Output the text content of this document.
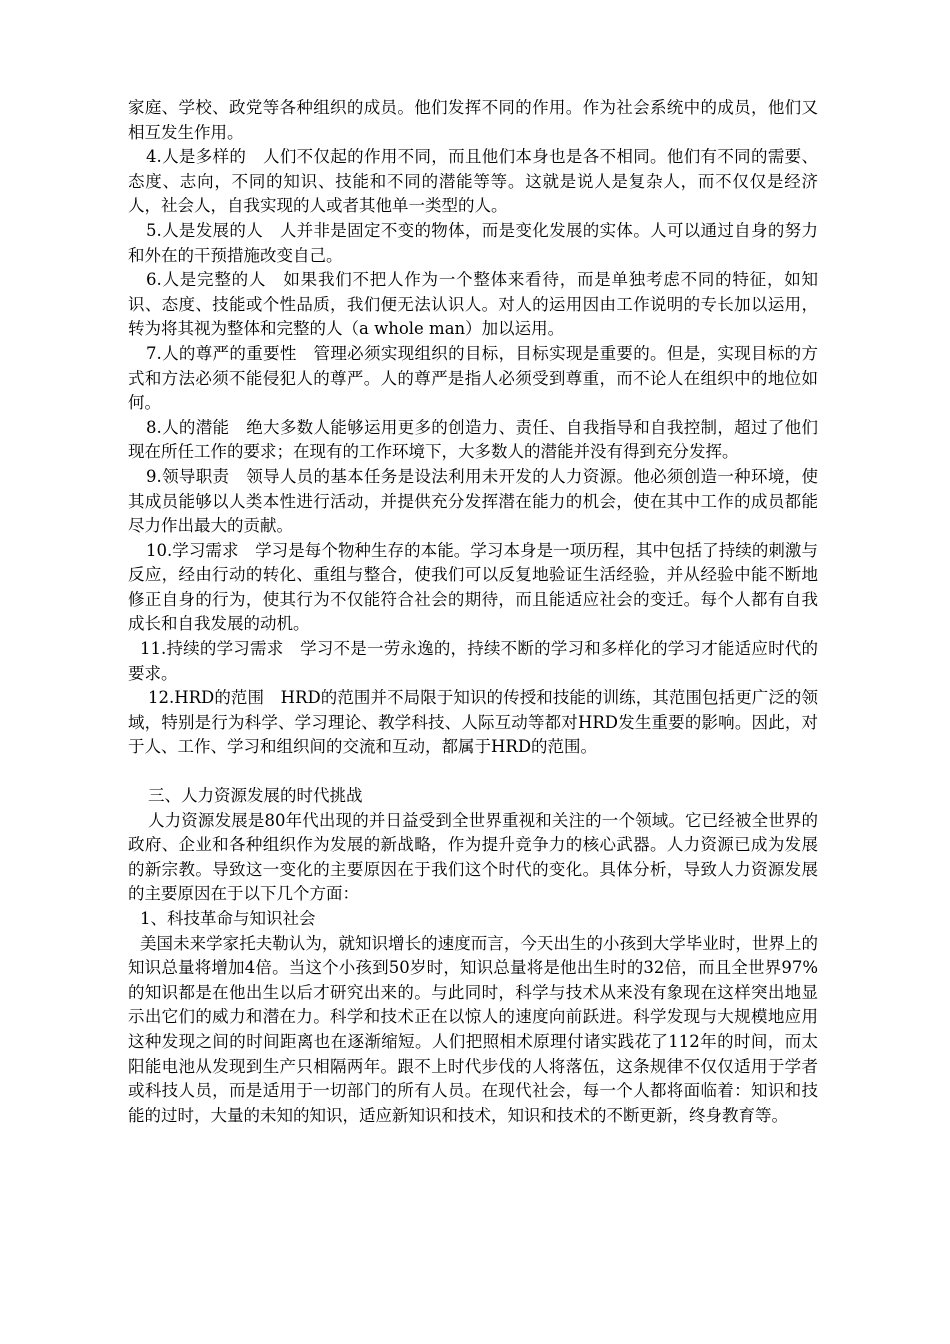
家庭、学校、政党等各种组织的成员。他们发挥不同的作用。作为社会系统中的成员，他们又相互发生作用。

4.人是多样的　人们不仅起的作用不同，而且他们本身也是各不相同。他们有不同的需要、态度、志向，不同的知识、技能和不同的潜能等等。这就是说人是复杂人，而不仅仅是经济人，社会人，自我实现的人或者其他单一类型的人。

5.人是发展的人　人并非是固定不变的物体，而是变化发展的实体。人可以通过自身的努力和外在的干预措施改变自己。

6.人是完整的人　如果我们不把人作为一个整体来看待，而是单独考虑不同的特征，如知识、态度、技能或个性品质，我们便无法认识人。对人的运用因由工作说明的专长加以运用，转为将其视为整体和完整的人（a whole man）加以运用。

7.人的尊严的重要性　管理必须实现组织的目标，目标实现是重要的。但是，实现目标的方式和方法必须不能侵犯人的尊严。人的尊严是指人必须受到尊重，而不论人在组织中的地位如何。

8.人的潜能　绝大多数人能够运用更多的创造力、责任、自我指导和自我控制，超过了他们现在所任工作的要求；在现有的工作环境下，大多数人的潜能并没有得到充分发挥。

9.领导职责　领导人员的基本任务是设法利用未开发的人力资源。他必须创造一种环境，使其成员能够以人类本性进行活动，并提供充分发挥潜在能力的机会，使在其中工作的成员都能尽力作出最大的贡献。

10.学习需求　学习是每个物种生存的本能。学习本身是一项历程，其中包括了持续的刺激与反应，经由行动的转化、重组与整合，使我们可以反复地验证生活经验，并从经验中能不断地修正自身的行为，使其行为不仅能符合社会的期待，而且能适应社会的变迁。每个人都有自我成长和自我发展的动机。

11.持续的学习需求　学习不是一劳永逸的，持续不断的学习和多样化的学习才能适应时代的要求。

12.HRD的范围　HRD的范围并不局限于知识的传授和技能的训练，其范围包括更广泛的领域，特别是行为科学、学习理论、教学科技、人际互动等都对HRD发生重要的影响。因此，对于人、工作、学习和组织间的交流和互动，都属于HRD的范围。

三、人力资源发展的时代挑战

人力资源发展是80年代出现的并日益受到全世界重视和关注的一个领域。它已经被全世界的政府、企业和各种组织作为发展的新战略，作为提升竞争力的核心武器。人力资源已成为发展的新宗教。导致这一变化的主要原因在于我们这个时代的变化。具体分析，导致人力资源发展的主要原因在于以下几个方面：

1、科技革命与知识社会

美国未来学家托夫勒认为，就知识增长的速度而言，今天出生的小孩到大学毕业时，世界上的知识总量将增加4倍。当这个小孩到50岁时，知识总量将是他出生时的32倍，而且全世界97%的知识都是在他出生以后才研究出来的。与此同时，科学与技术从来没有象现在这样突出地显示出它们的威力和潜在力。科学和技术正在以惊人的速度向前跃进。科学发现与大规模地应用这种发现之间的时间距离也在逐渐缩短。人们把照相术原理付诸实践花了112年的时间，而太阳能电池从发现到生产只相隔两年。跟不上时代步伐的人将落伍，这条规律不仅仅适用于学者或科技人员，而是适用于一切部门的所有人员。在现代社会，每一个人都将面临着：知识和技能的过时，大量的未知的知识，适应新知识和技术，知识和技术的不断更新，终身教育等。
